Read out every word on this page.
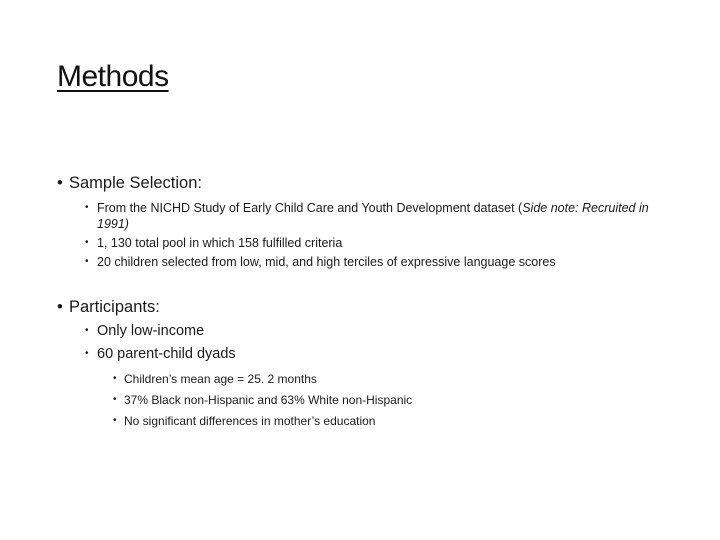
Methods
• Sample Selection:
• From the NICHD Study of Early Child Care and Youth Development dataset (Side note: Recruited in 1991)
• 1, 130 total pool in which 158 fulfilled criteria
• 20 children selected from low, mid, and high terciles of expressive language scores
• Participants:
• Only low-income
• 60 parent-child dyads
• Children’s mean age = 25. 2 months
• 37% Black non-Hispanic and 63% White non-Hispanic
• No significant differences in mother’s education
